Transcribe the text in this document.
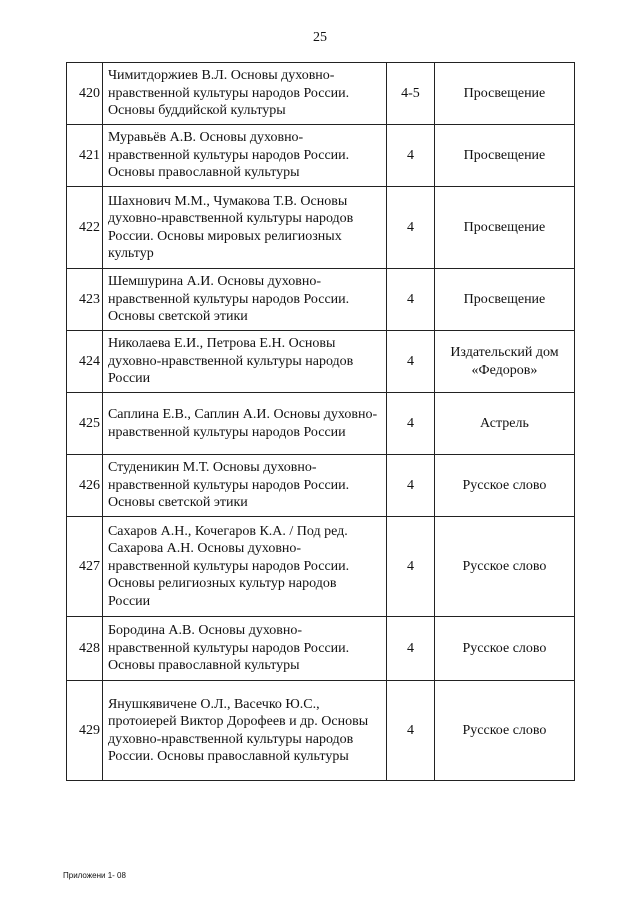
25
420	Чимитдоржиев В.Л. Основы духовно-нравственной культуры народов России. Основы буддийской культуры	4-5	Просвещение
421	Муравьёв А.В. Основы духовно-нравственной культуры народов России. Основы православной культуры	4	Просвещение
422	Шахнович М.М., Чумакова Т.В. Основы духовно-нравственной культуры народов России. Основы мировых религиозных культур	4	Просвещение
423	Шемшурина А.И. Основы духовно-нравственной культуры народов России. Основы светской этики	4	Просвещение
424	Николаева Е.И., Петрова Е.Н. Основы духовно-нравственной культуры народов России	4	Издательский дом «Федоров»
425	Саплина Е.В., Саплин А.И. Основы духовно-нравственной культуры народов России	4	Астрель
426	Студеникин М.Т. Основы духовно-нравственной культуры народов России. Основы светской этики	4	Русское слово
427	Сахаров А.Н., Кочегаров К.А. / Под ред. Сахарова А.Н. Основы духовно-нравственной культуры народов России. Основы религиозных культур народов России	4	Русское слово
428	Бородина А.В. Основы духовно-нравственной культуры народов России. Основы православной культуры	4	Русское слово
429	Янушкявичене О.Л., Васечко Ю.С., протоиерей Виктор Дорофеев и др. Основы духовно-нравственной культуры народов России. Основы православной культуры	4	Русское слово
Приложени 1- 08
